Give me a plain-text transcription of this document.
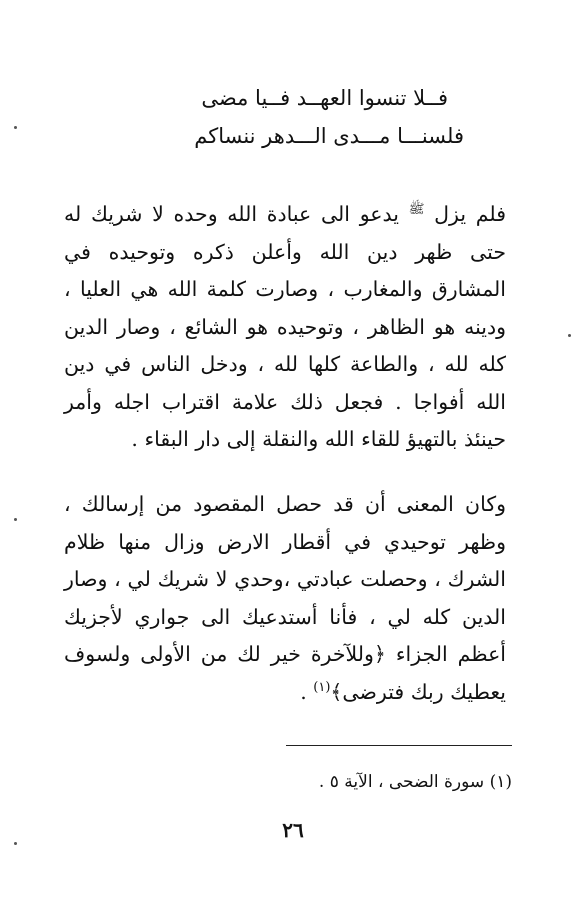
فــلا تنسوا العهــد فــيا مضى
فلسنـــا مـــدى الـــدهر ننساكم

فلم يزل $^ﷺ$ يدعو الى عبادة الله وحده لا شريك له حتى ظهر دين الله وأعلن ذكره وتوحيده في المشارق والمغارب ، وصارت كلمة الله هي العليا ، ودينه هو الظاهر ، وتوحيده هو الشائع ، وصار الدين كله لله ، والطاعة كلها لله ، ودخل الناس في دين الله أفواجا . فجعل ذلك علامة اقتراب اجله وأمر حينئذ بالتهيؤ للقاء الله والنقلة إلى دار البقاء .

وكان المعنى أن قد حصل المقصود من إرسالك ، وظهر توحيدي في أقطار الارض وزال منها ظلام الشرك ، وحصلت عبادتي ،وحدي لا شريك لي ، وصار الدين كله لي ، فأنا أستدعيك الى جواري لأجزيك أعظم الجزاء ﴿وللآخرة خير لك من الأولى ولسوف يعطيك ربك فترضى﴾$^{(١)}$ .

(١) سورة الضحى ، الآية ٥ .
٢٦
